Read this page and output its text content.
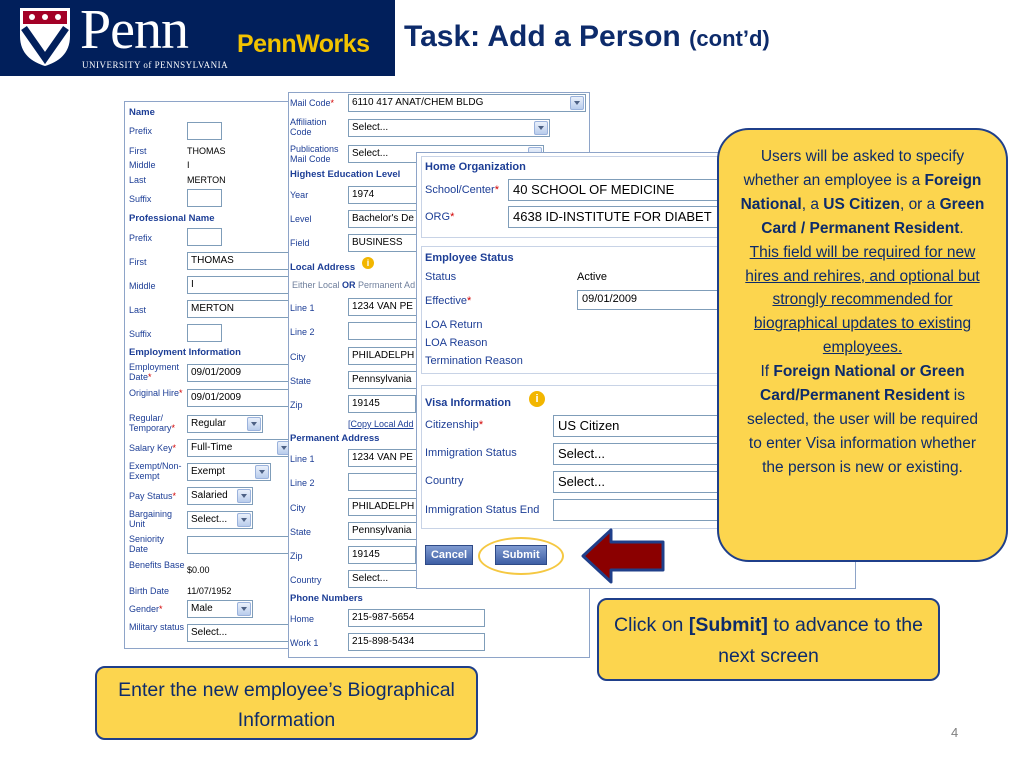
Penn
UNIVERSITY of PENNSYLVANIA
PennWorks Task: Add a Person (cont’d)
Name
Prefix
First	THOMAS
Middle	I
Last	MERTON
Suffix
Professional Name
Prefix
First	THOMAS
Middle	I
Last	MERTON
Suffix
Employment Information
Employment Date*	09/01/2009
Original Hire* 09/01/2009
Regular/ Temporary*	Regular
Salary Key*	Full-Time
Exempt/Non-Exempt	Exempt
Pay Status*	Salaried
Bargaining Unit	Select...
Seniority Date
Benefits Base $0.00
Birth Date 11/07/1952
Gender*	Male
Military status Select...
Mail Code*	6110 417 ANAT/CHEM BLDG
Affiliation Code	Select...
Publications Mail Code	Select...
Highest Education Level
Year	1974
Level	Bachelor's De
Field	BUSINESS
Local Address	i
Either Local OR Permanent Ad
Line 1	1234 VAN PE
Line 2
City	PHILADELPH
State	Pennsylvania
Zip	19145
[Copy Local Add
Permanent Address
Line 1	1234 VAN PE
Line 2
City	PHILADELPH
State	Pennsylvania
Zip	19145
Country	Select...
Phone Numbers
Home	215-987-5654
Work 1	215-898-5434
Home Organization
School/Center*	40 SCHOOL OF MEDICINE
ORG*	4638 ID-INSTITUTE FOR DIABET
Employee Status
Status	Active
Effective*	09/01/2009
LOA Return
LOA Reason
Termination Reason
Visa Information	i
Citizenship*	US Citizen
Immigration Status	Select...
Country	Select...
Immigration Status End
Cancel	Submit
Users will be asked to specify whether an employee is a Foreign National, a US Citizen, or a Green Card / Permanent Resident.
This field will be required for new hires and rehires, and optional but strongly recommended for biographical updates to existing employees.
If Foreign National or Green Card/Permanent Resident is selected, the user will be required to enter Visa information whether the person is new or existing.
Click on [Submit] to advance to the next screen
Enter the new employee’s Biographical Information
4
